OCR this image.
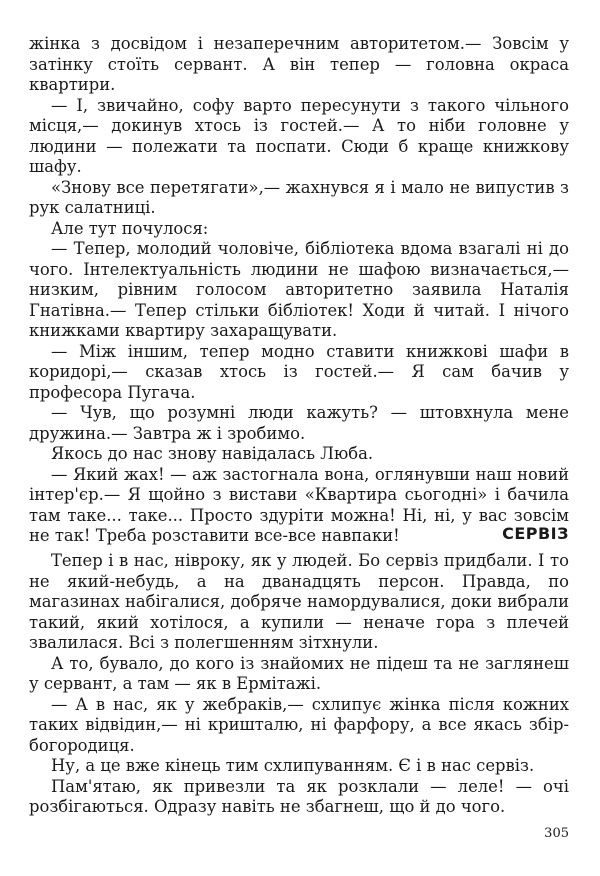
жінка з досвідом і незаперечним авторитетом.— Зовсім у затінку стоїть сервант. А він тепер — головна окраса квартири.

— І, звичайно, софу варто пересунути з такого чільного місця,— докинув хтось із гостей.— А то ніби головне у людини — полежати та поспати. Сюди б краще книжкову шафу.

«Знову все перетягати»,— жахнувся я і мало не випустив з рук салатниці.

Але тут почулося:

— Тепер, молодий чоловіче, бібліотека вдома взагалі ні до чого. Інтелектуальність людини не шафою визначається,— низким, рівним голосом авторитетно заявила Наталія Гнатівна.— Тепер стільки бібліотек! Ходи й читай. І нічого книжками квартиру захаращувати.

— Між іншим, тепер модно ставити книжкові шафи в коридорі,— сказав хтось із гостей.— Я сам бачив у професора Пугача.

— Чув, що розумні люди кажуть? — штовхнула мене дружина.— Завтра ж і зробимо.

Якось до нас знову навідалась Люба.

— Який жах! — аж застогнала вона, оглянувши наш новий інтер'єр.— Я щойно з вистави «Квартира сьогодні» і бачила там таке... таке... Просто здуріти можна! Ні, ні, у вас зовсім не так! Треба розставити все-все навпаки!	СЕРВІЗ

Тепер і в нас, нівроку, як у людей. Бо сервіз придбали. І то не який-небудь, а на дванадцять персон. Правда, по магазинах набігалися, добряче намордувалися, доки вибрали такий, який хотілося, а купили — неначе гора з плечей звалилася. Всі з полегшенням зітхнули.

А то, бувало, до кого із знайомих не підеш та не заглянеш у сервант, а там — як в Ермітажі.

— А в нас, як у жебраків,— схлипує жінка після кожних таких відвідин,— ні кришталю, ні фарфору, а все якась збір-богородиця.

Ну, а це вже кінець тим схлипуванням. Є і в нас сервіз.

Пам'ятаю, як привезли та як розклали — леле! — очі розбігаються. Одразу навіть не збагнеш, що й до чого.

305
